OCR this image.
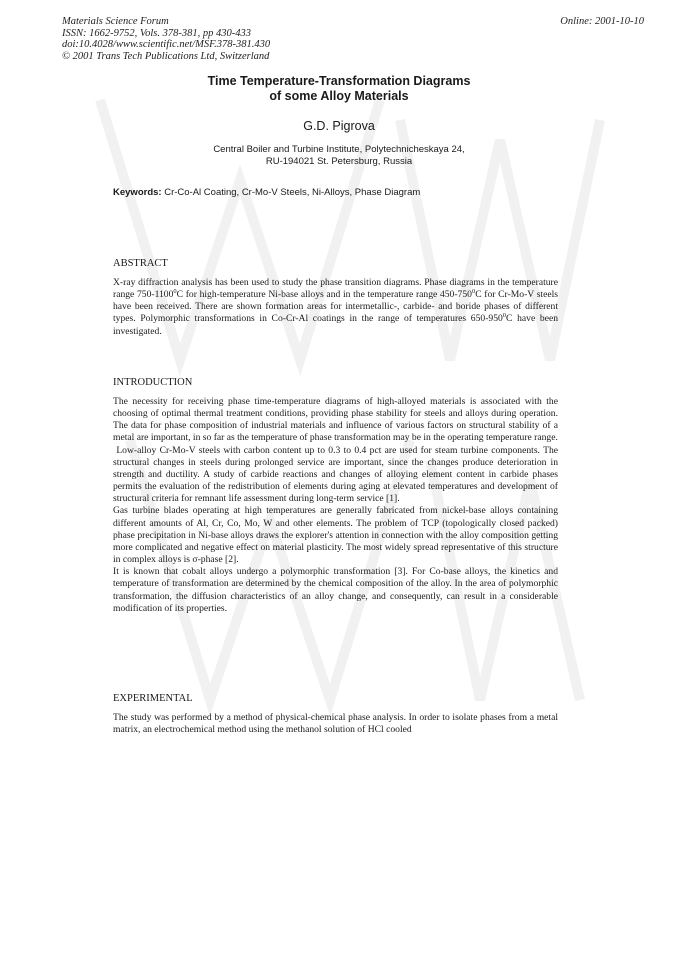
Materials Science Forum
ISSN: 1662-9752, Vols. 378-381, pp 430-433
doi:10.4028/www.scientific.net/MSF.378-381.430
© 2001 Trans Tech Publications Ltd, Switzerland
Online: 2001-10-10
Time Temperature-Transformation Diagrams
of some Alloy Materials
G.D. Pigrova
Central Boiler and Turbine Institute, Polytechnicheskaya 24,
RU-194021 St. Petersburg, Russia
Keywords: Cr-Co-Al Coating, Cr-Mo-V Steels, Ni-Alloys, Phase Diagram
ABSTRACT
X-ray diffraction analysis has been used to study the phase transition diagrams. Phase diagrams in the temperature range 750-1100$^0$C for high-temperature Ni-base alloys and in the temperature range $450-750^0C$ for Cr-Mo-V steels have been received. There are shown formation areas for intermetallic-, carbide- and boride phases of different types. Polymorphic transformations in Co-Cr-Al coatings in the range of temperatures $650-950^0C$ have been investigated.
INTRODUCTION
The necessity for receiving phase time-temperature diagrams of high-alloyed materials is associated with the choosing of optimal thermal treatment conditions, providing phase stability for steels and alloys during operation. The data for phase composition of industrial materials and influence of various factors on structural stability of a metal are important, in so far as the temperature of phase transformation may be in the operating temperature range.
Low-alloy Cr-Mo-V steels with carbon content up to 0.3 to 0.4 pct are used for steam turbine components. The structural changes in steels during prolonged service are important, since the changes produce deterioration in strength and ductility. A study of carbide reactions and changes of alloying element content in carbide phases permits the evaluation of the redistribution of elements during aging at elevated temperatures and development of structural criteria for remnant life assessment during long-term service [1].
Gas turbine blades operating at high temperatures are generally fabricated from nickel-base alloys containing different amounts of Al, Cr, Co, Mo, W and other elements. The problem of TCP (topologically closed packed) phase precipitation in Ni-base alloys draws the explorer's attention in connection with the alloy composition getting more complicated and negative effect on material plasticity. The most widely spread representative of this structure in complex alloys is σ-phase [2].
It is known that cobalt alloys undergo a polymorphic transformation [3]. For Co-base alloys, the kinetics and temperature of transformation are determined by the chemical composition of the alloy. In the area of polymorphic transformation, the diffusion characteristics of an alloy change, and consequently, can result in a considerable modification of its properties.
EXPERIMENTAL
The study was performed by a method of physical-chemical phase analysis. In order to isolate phases from a metal matrix, an electrochemical method using the methanol solution of HCl cooled
